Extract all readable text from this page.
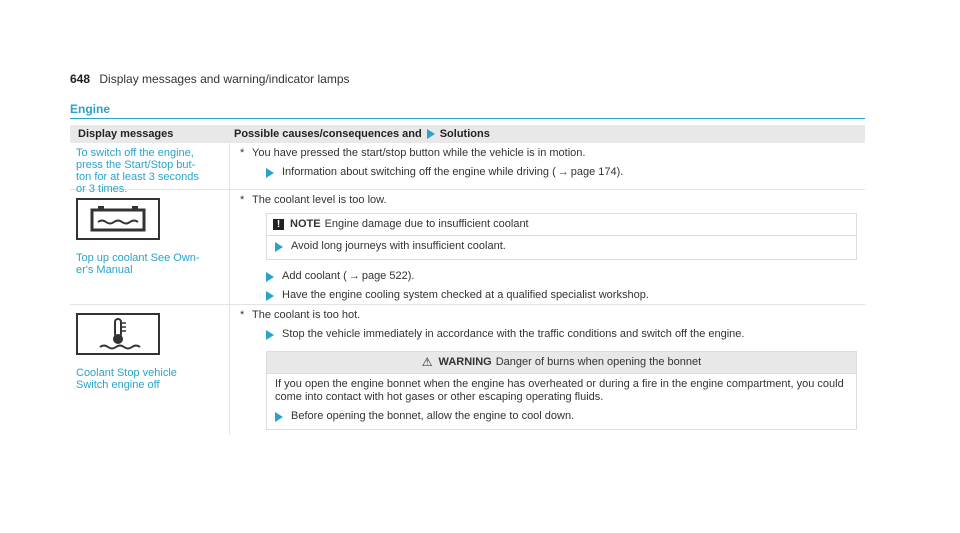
648 Display messages and warning/indicator lamps
Engine
Display messages	Possible causes/consequences and Solutions
To switch off the engine,
press the Start/Stop but-
ton for at least 3 seconds
or 3 times.
* You have pressed the start/stop button while the vehicle is in motion.
Information about switching off the engine while driving ( → page 174).
Top up coolant See Own-
er's Manual
* The coolant level is too low.
! NOTE Engine damage due to insufficient coolant
Avoid long journeys with insufficient coolant.
Add coolant ( → page 522).
Have the engine cooling system checked at a qualified specialist workshop.
Coolant Stop vehicle
Switch engine off
* The coolant is too hot.
Stop the vehicle immediately in accordance with the traffic conditions and switch off the engine.
⚠ WARNING Danger of burns when opening the bonnet
If you open the engine bonnet when the engine has overheated or during a fire in the engine compartment, you could come into contact with hot gases or other escaping operating fluids.
Before opening the bonnet, allow the engine to cool down.
